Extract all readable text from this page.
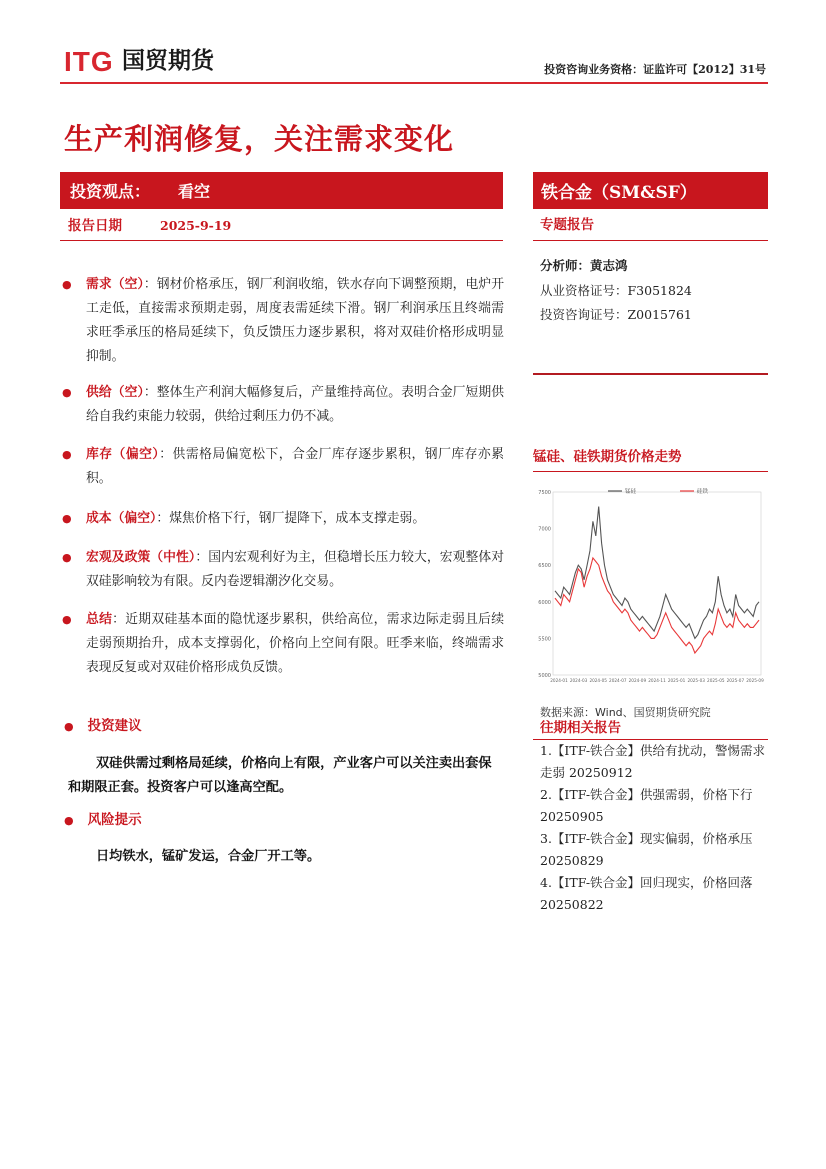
ITG 国贸期货	投资咨询业务资格：证监许可【2012】31号
生产利润修复，关注需求变化
投资观点： 看空
报告日期	2025-9-19
铁合金（SM&SF）
专题报告
分析师：黄志鸿
从业资格证号：F3051824
投资咨询证号：Z0015761
●	需求（空）：钢材价格承压，钢厂利润收缩，铁水存向下调整预期，电炉开工走低，直接需求预期走弱，周度表需延续下滑。钢厂利润承压且终端需求旺季承压的格局延续下，负反馈压力逐步累积，将对双硅价格形成明显抑制。
●	供给（空）：整体生产利润大幅修复后，产量维持高位。表明合金厂短期供给自我约束能力较弱，供给过剩压力仍不减。
●	库存（偏空）：供需格局偏宽松下，合金厂库存逐步累积，钢厂库存亦累积。
●	成本（偏空）：煤焦价格下行，钢厂提降下，成本支撑走弱。
●	宏观及政策（中性）：国内宏观利好为主，但稳增长压力较大，宏观整体对双硅影响较为有限。反内卷逻辑潮汐化交易。
●	总结：近期双硅基本面的隐忧逐步累积，供给高位，需求边际走弱且后续走弱预期抬升，成本支撑弱化，价格向上空间有限。旺季来临，终端需求表现反复或对双硅价格形成负反馈。
● 投资建议
双硅供需过剩格局延续，价格向上有限，产业客户可以关注卖出套保和期限正套。投资客户可以逢高空配。
● 风险提示
日均铁水，锰矿发运，合金厂开工等。
锰硅、硅铁期货价格走势
7500
7000
6500
6000
5500
5000
2024-01 2024-03 2024-05 2024-07 2024-09 2024-11 2025-01 2025-03 2025-05 2025-07 2025-09
锰硅	硅铁
数据来源：Wind、国贸期货研究院
往期相关报告
1.【ITF-铁合金】供给有扰动，警惕需求走弱 20250912
2.【ITF-铁合金】供强需弱，价格下行 20250905
3.【ITF-铁合金】现实偏弱，价格承压 20250829
4.【ITF-铁合金】回归现实，价格回落 20250822
